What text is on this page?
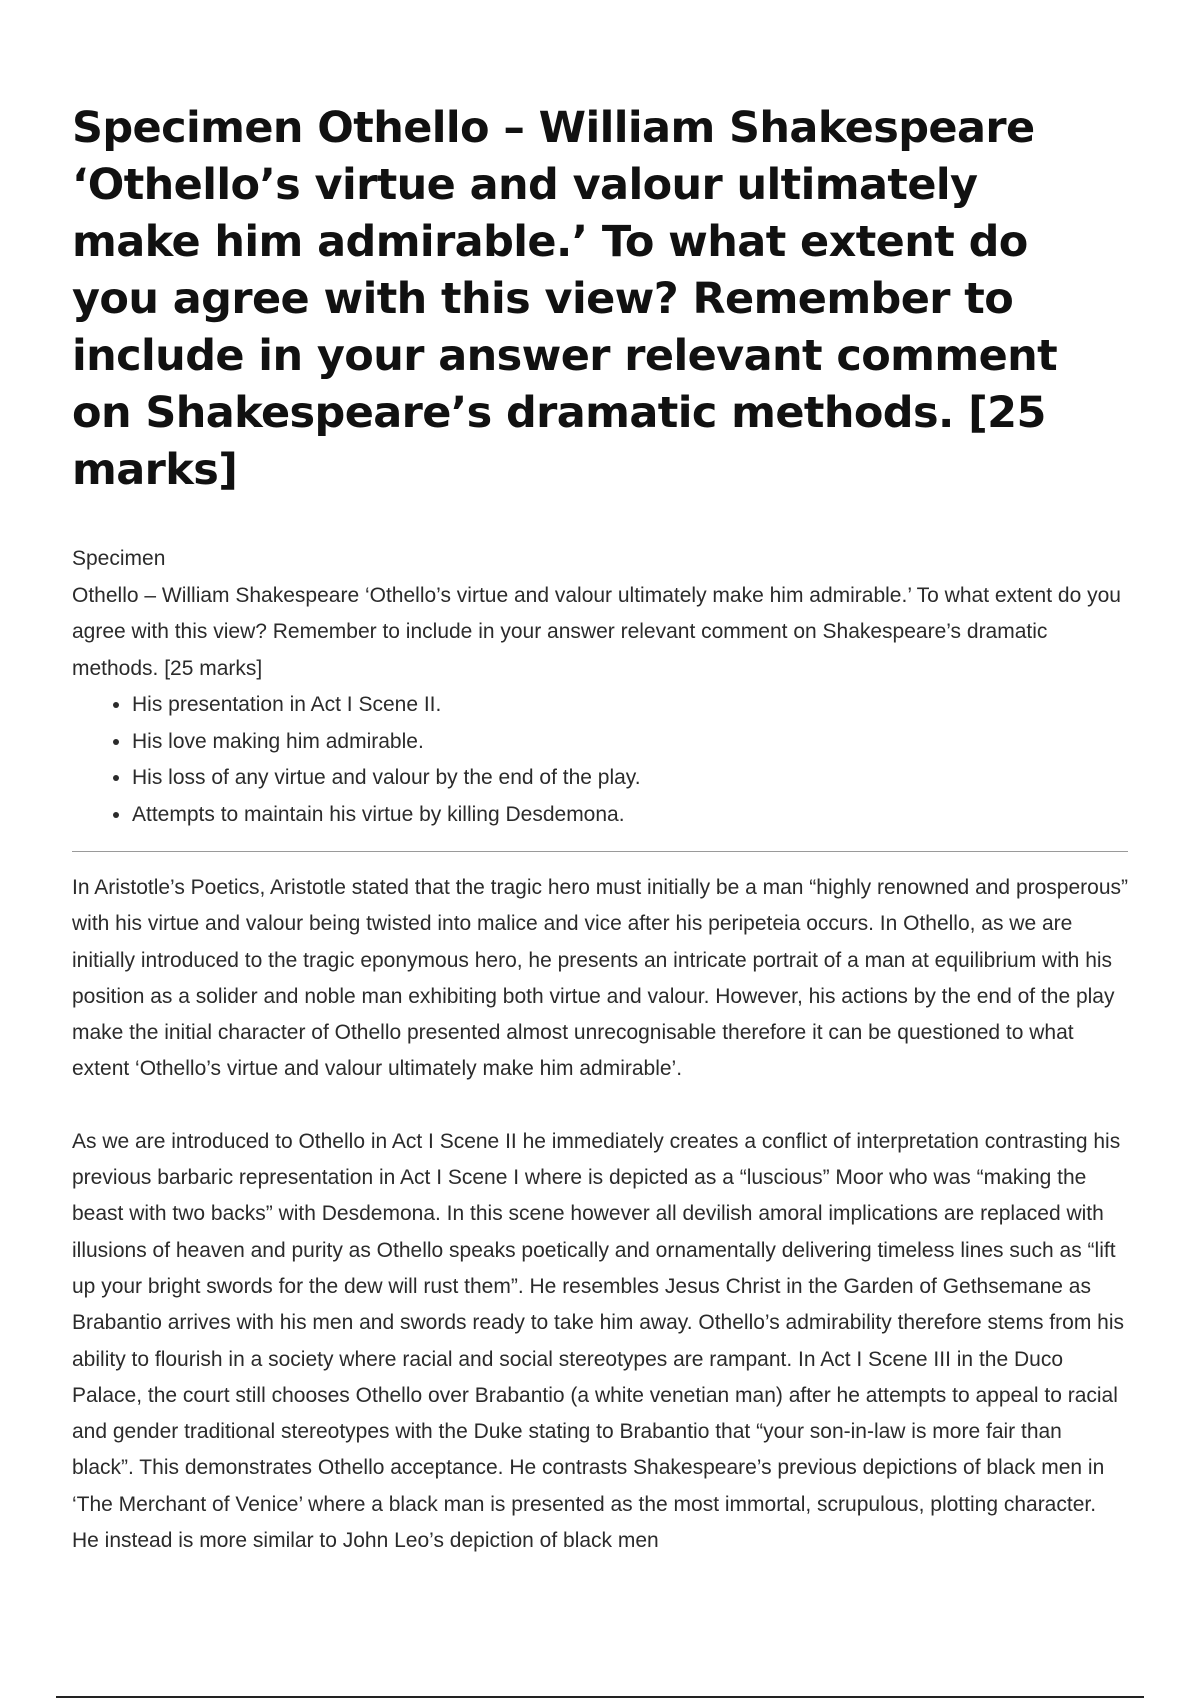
Specimen Othello – William Shakespeare ‘Othello’s virtue and valour ultimately make him admirable.’ To what extent do you agree with this view? Remember to include in your answer relevant comment on Shakespeare’s dramatic methods. [25 marks]

Specimen

Othello – William Shakespeare ‘Othello’s virtue and valour ultimately make him admirable.’ To what extent do you agree with this view? Remember to include in your answer relevant comment on Shakespeare’s dramatic methods. [25 marks]

• His presentation in Act I Scene II.
• His love making him admirable.
• His loss of any virtue and valour by the end of the play.
• Attempts to maintain his virtue by killing Desdemona.

In Aristotle’s Poetics, Aristotle stated that the tragic hero must initially be a man “highly renowned and prosperous” with his virtue and valour being twisted into malice and vice after his peripeteia occurs. In Othello, as we are initially introduced to the tragic eponymous hero, he presents an intricate portrait of a man at equilibrium with his position as a solider and noble man exhibiting both virtue and valour. However, his actions by the end of the play make the initial character of Othello presented almost unrecognisable therefore it can be questioned to what extent ‘Othello’s virtue and valour ultimately make him admirable’.

As we are introduced to Othello in Act I Scene II he immediately creates a conflict of interpretation contrasting his previous barbaric representation in Act I Scene I where is depicted as a “luscious” Moor who was “making the beast with two backs” with Desdemona. In this scene however all devilish amoral implications are replaced with illusions of heaven and purity as Othello speaks poetically and ornamentally delivering timeless lines such as “lift up your bright swords for the dew will rust them”. He resembles Jesus Christ in the Garden of Gethsemane as Brabantio arrives with his men and swords ready to take him away. Othello’s admirability therefore stems from his ability to flourish in a society where racial and social stereotypes are rampant. In Act I Scene III in the Duco Palace, the court still chooses Othello over Brabantio (a white venetian man) after he attempts to appeal to racial and gender traditional stereotypes with the Duke stating to Brabantio that “your son-in-law is more fair than black”. This demonstrates Othello acceptance. He contrasts Shakespeare’s previous depictions of black men in ‘The Merchant of Venice’ where a black man is presented as the most immortal, scrupulous, plotting character. He instead is more similar to John Leo’s depiction of black men
